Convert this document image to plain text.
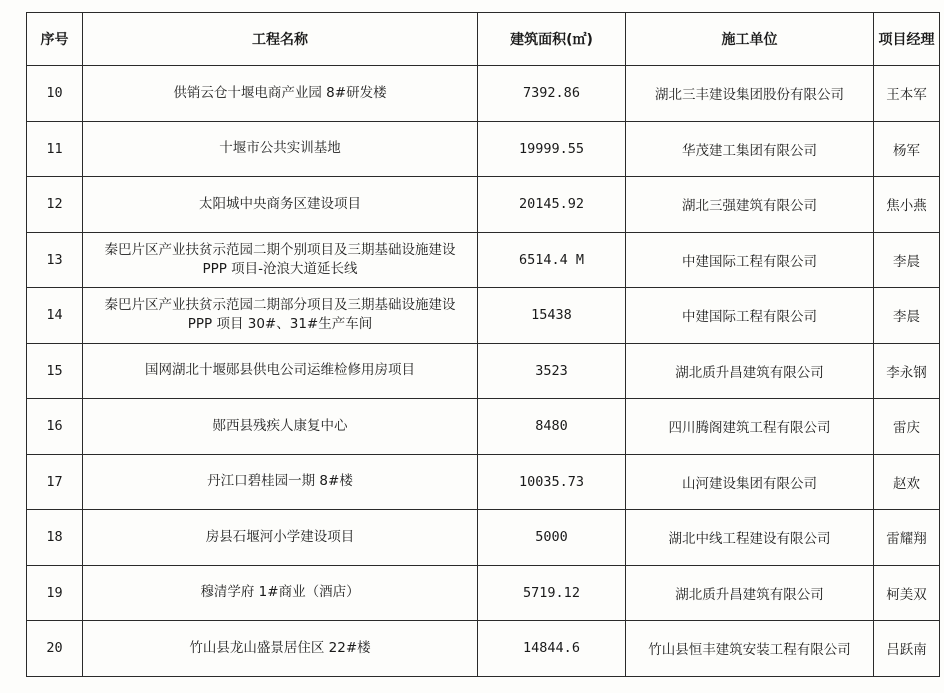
序号	工程名称	建筑面积(㎡)	施工单位	项目经理
10	供销云仓十堰电商产业园 8#研发楼	7392.86	湖北三丰建设集团股份有限公司	王本军
11	十堰市公共实训基地	19999.55	华茂建工集团有限公司	杨军
12	太阳城中央商务区建设项目	20145.92	湖北三强建筑有限公司	焦小燕
13	秦巴片区产业扶贫示范园二期个别项目及三期基础设施建设
PPP 项目-沧浪大道延长线	6514.4 M	中建国际工程有限公司	李晨
14	秦巴片区产业扶贫示范园二期部分项目及三期基础设施建设
PPP 项目 30#、31#生产车间	15438	中建国际工程有限公司	李晨
15	国网湖北十堰郧县供电公司运维检修用房项目	3523	湖北质升昌建筑有限公司	李永钢
16	郧西县残疾人康复中心	8480	四川腾阁建筑工程有限公司	雷庆
17	丹江口碧桂园一期 8#楼	10035.73	山河建设集团有限公司	赵欢
18	房县石堰河小学建设项目	5000	湖北中线工程建设有限公司	雷耀翔
19	穆清学府 1#商业（酒店）	5719.12	湖北质升昌建筑有限公司	柯美双
20	竹山县龙山盛景居住区 22#楼	14844.6	竹山县恒丰建筑安装工程有限公司	吕跃南
